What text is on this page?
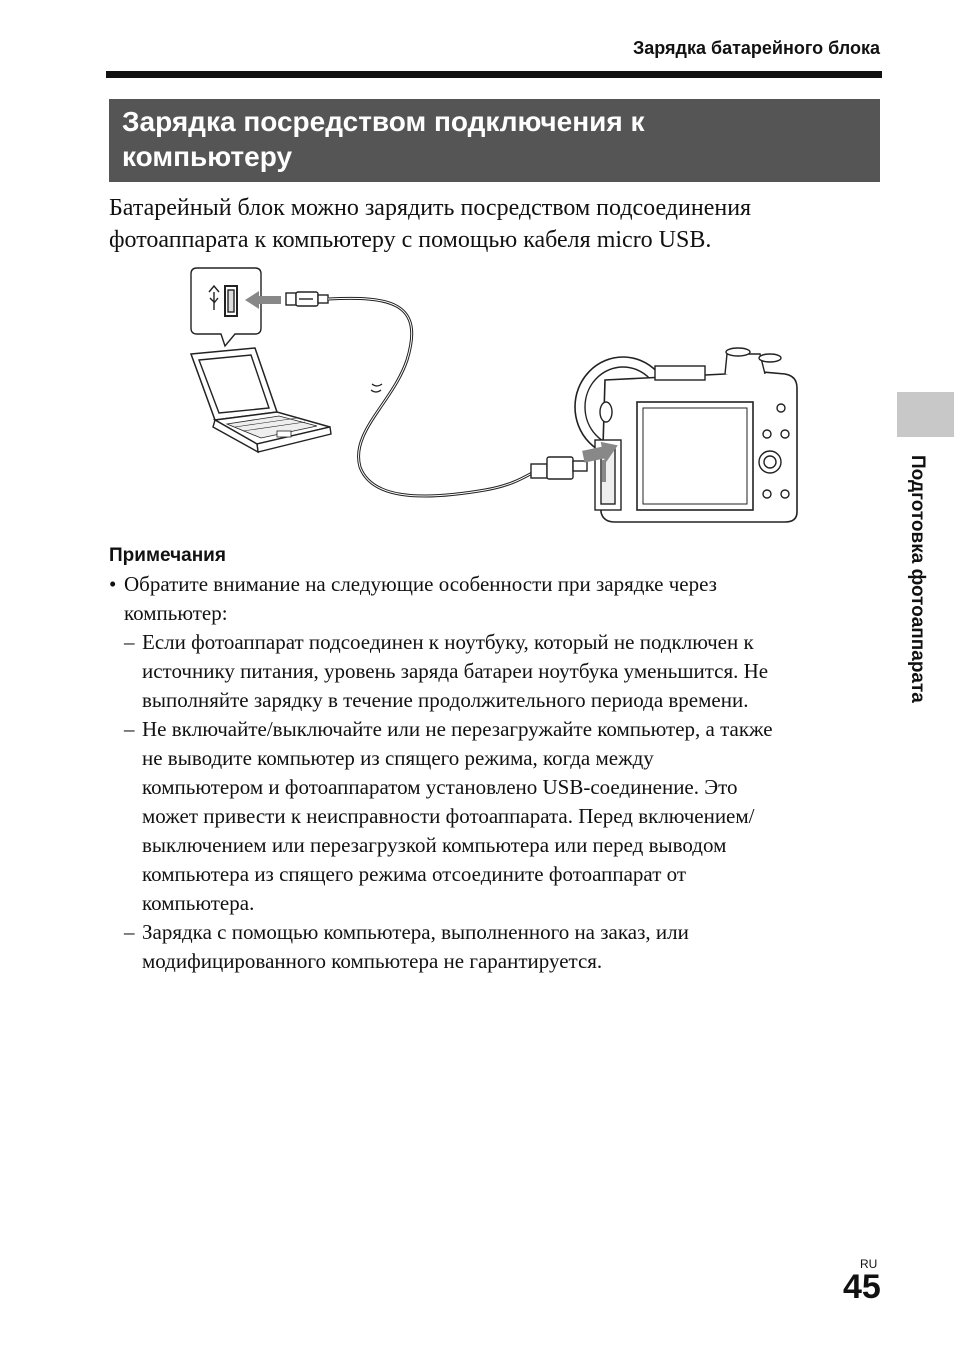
Зарядка батарейного блока
Зарядка посредством подключения к
компьютеру
Батарейный блок можно зарядить посредством подсоединения
фотоаппарата к компьютеру с помощью кабеля micro USB.
Примечания

• Обратите внимание на следующие особенности при зарядке через
компьютер:

– Если фотоаппарат подсоединен к ноутбуку, который не подключен к
источнику питания, уровень заряда батареи ноутбука уменьшится. Не
выполняйте зарядку в течение продолжительного периода времени.

– Не включайте/выключайте или не перезагружайте компьютер, а также
не выводите компьютер из спящего режима, когда между
компьютером и фотоаппаратом установлено USB-соединение. Это
может привести к неисправности фотоаппарата. Перед включением/
выключением или перезагрузкой компьютера или перед выводом
компьютера из спящего режима отсоедините фотоаппарат от
компьютера.

– Зарядка с помощью компьютера, выполненного на заказ, или
модифицированного компьютера не гарантируется.

Подготовка фотоаппарата
RU
45
